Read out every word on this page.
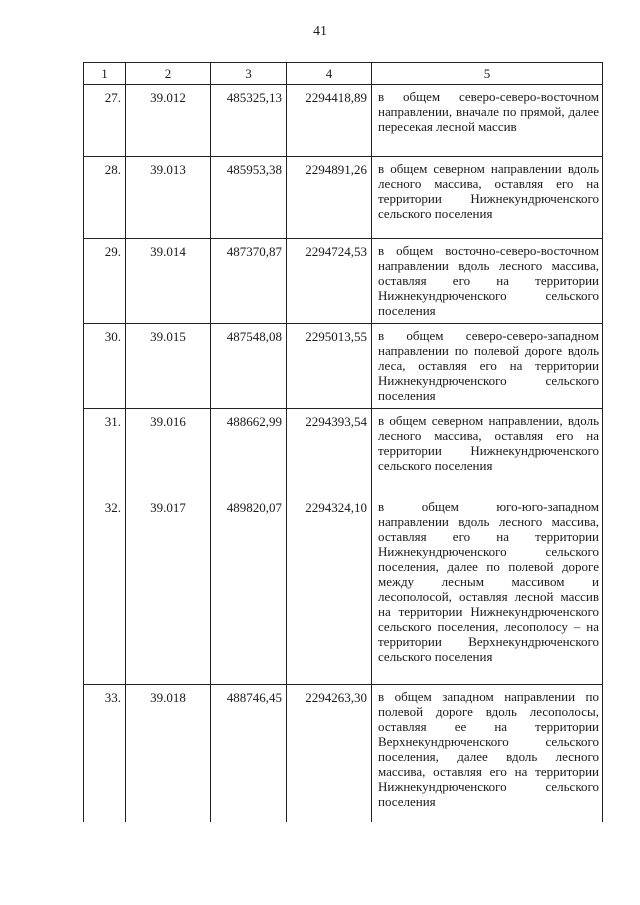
41
1	2	3	4	5
27.	39.012	485325,13	2294418,89	в общем северо-северо-восточном направлении, вначале по прямой, далее пересекая лесной массив
28.	39.013	485953,38	2294891,26	в общем северном направлении вдоль лесного массива, оставляя его на территории Нижнекундрюченского сельского поселения
29.	39.014	487370,87	2294724,53	в общем восточно-северо-восточном направлении вдоль лесного массива, оставляя его на территории Нижнекундрюченского сельского поселения
30.	39.015	487548,08	2295013,55	в общем северо-северо-западном направлении по полевой дороге вдоль леса, оставляя его на территории Нижнекундрюченского сельского поселения
31.	39.016	488662,99	2294393,54	в общем северном направлении, вдоль лесного массива, оставляя его на территории Нижнекундрюченского сельского поселения
32.	39.017	489820,07	2294324,10	в общем юго-юго-западном направлении вдоль лесного массива, оставляя его на территории Нижнекундрюченского сельского поселения, далее по полевой дороге между лесным массивом и лесополосой, оставляя лесной массив на территории Нижнекундрюченского сельского поселения, лесополосу – на территории Верхнекундрюченского сельского поселения
33.	39.018	488746,45	2294263,30	в общем западном направлении по полевой дороге вдоль лесополосы, оставляя ее на территории Верхнекундрюченского сельского поселения, далее вдоль лесного массива, оставляя его на территории Нижнекундрюченского сельского поселения
